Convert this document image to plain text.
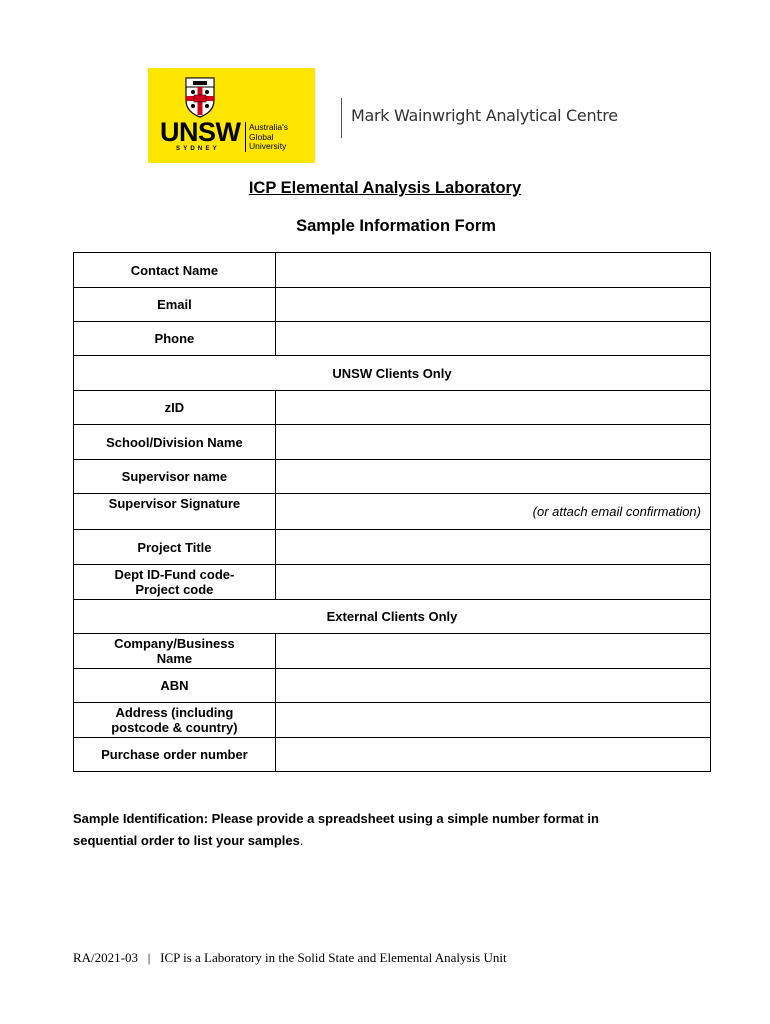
UNSW
SYDNEY
Australia's
Global
University
Mark Wainwright Analytical Centre
ICP Elemental Analysis Laboratory
Sample Information Form
Contact Name	

Email	

Phone	

UNSW Clients Only	

zID	

School/Division Name	

Supervisor name	

Supervisor Signature	(or attach email confirmation)

Project Title	

Dept ID-Fund code-
Project code	

External Clients Only	

Company/Business
Name	

ABN	

Address (including
postcode & country)	

Purchase order number	

Sample Identification: Please provide a spreadsheet using a simple number format in
sequential order to list your samples.
RA/2021-03 | ICP is a Laboratory in the Solid State and Elemental Analysis Unit
